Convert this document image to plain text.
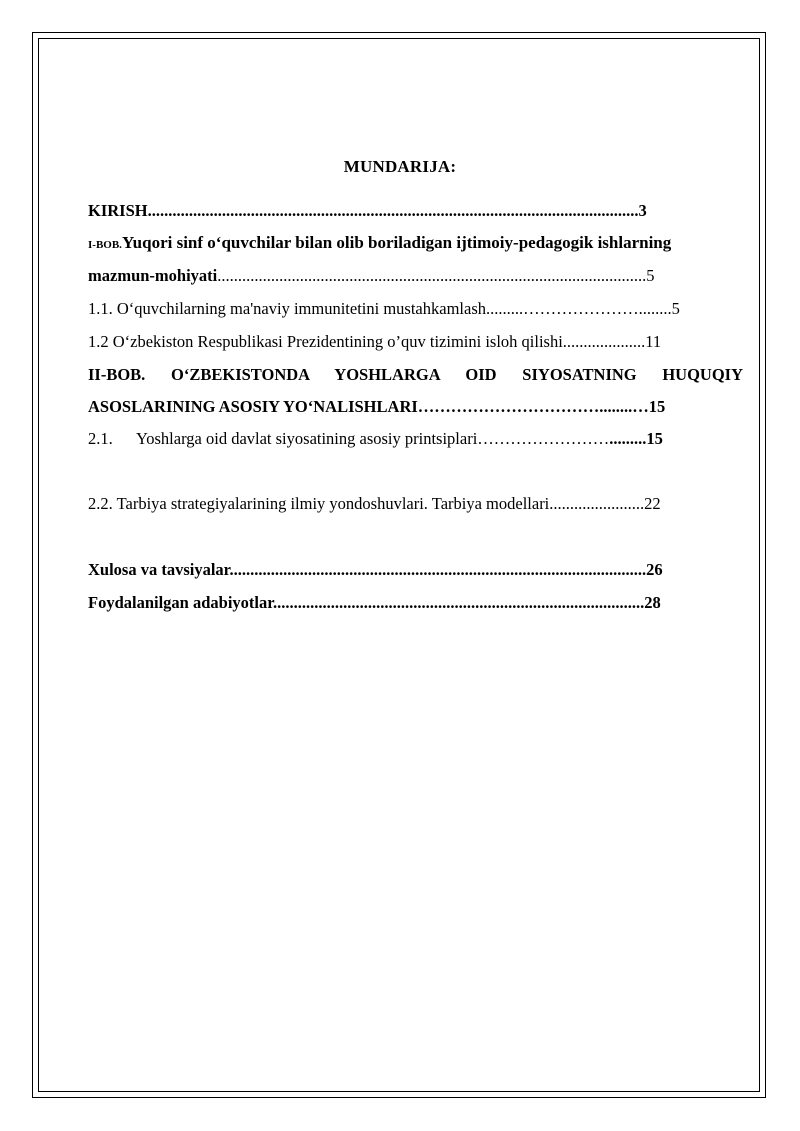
MUNDARIJA:
KIRISH.......................................................................................................................3
I-BOB.Yuqori sinf o‘quvchilar bilan olib boriladigan ijtimoiy-pedagogik ishlarning
mazmun-mohiyati........................................................................................................5
1.1. O‘quvchilarning ma'naviy immunitetini mustahkamlash.........…………………........5
1.2 O‘zbekiston Respublikasi Prezidentining o’quv tizimini isloh qilishi....................11
II-BOB. O‘ZBEKISTONDA YOSHLARGA OID SIYOSATNING HUQUQIY
ASOSLARINING ASOSIY YO‘NALISHLARI……………………………........…15
2.1. Yoshlarga oid davlat siyosatining asosiy printsiplari…………………….........15
2.2. Tarbiya strategiyalarining ilmiy yondoshuvlari. Tarbiya modellari.......................22
Xulosa va tavsiyalar.....................................................................................................26
Foydalanilgan adabiyotlar..........................................................................................28
